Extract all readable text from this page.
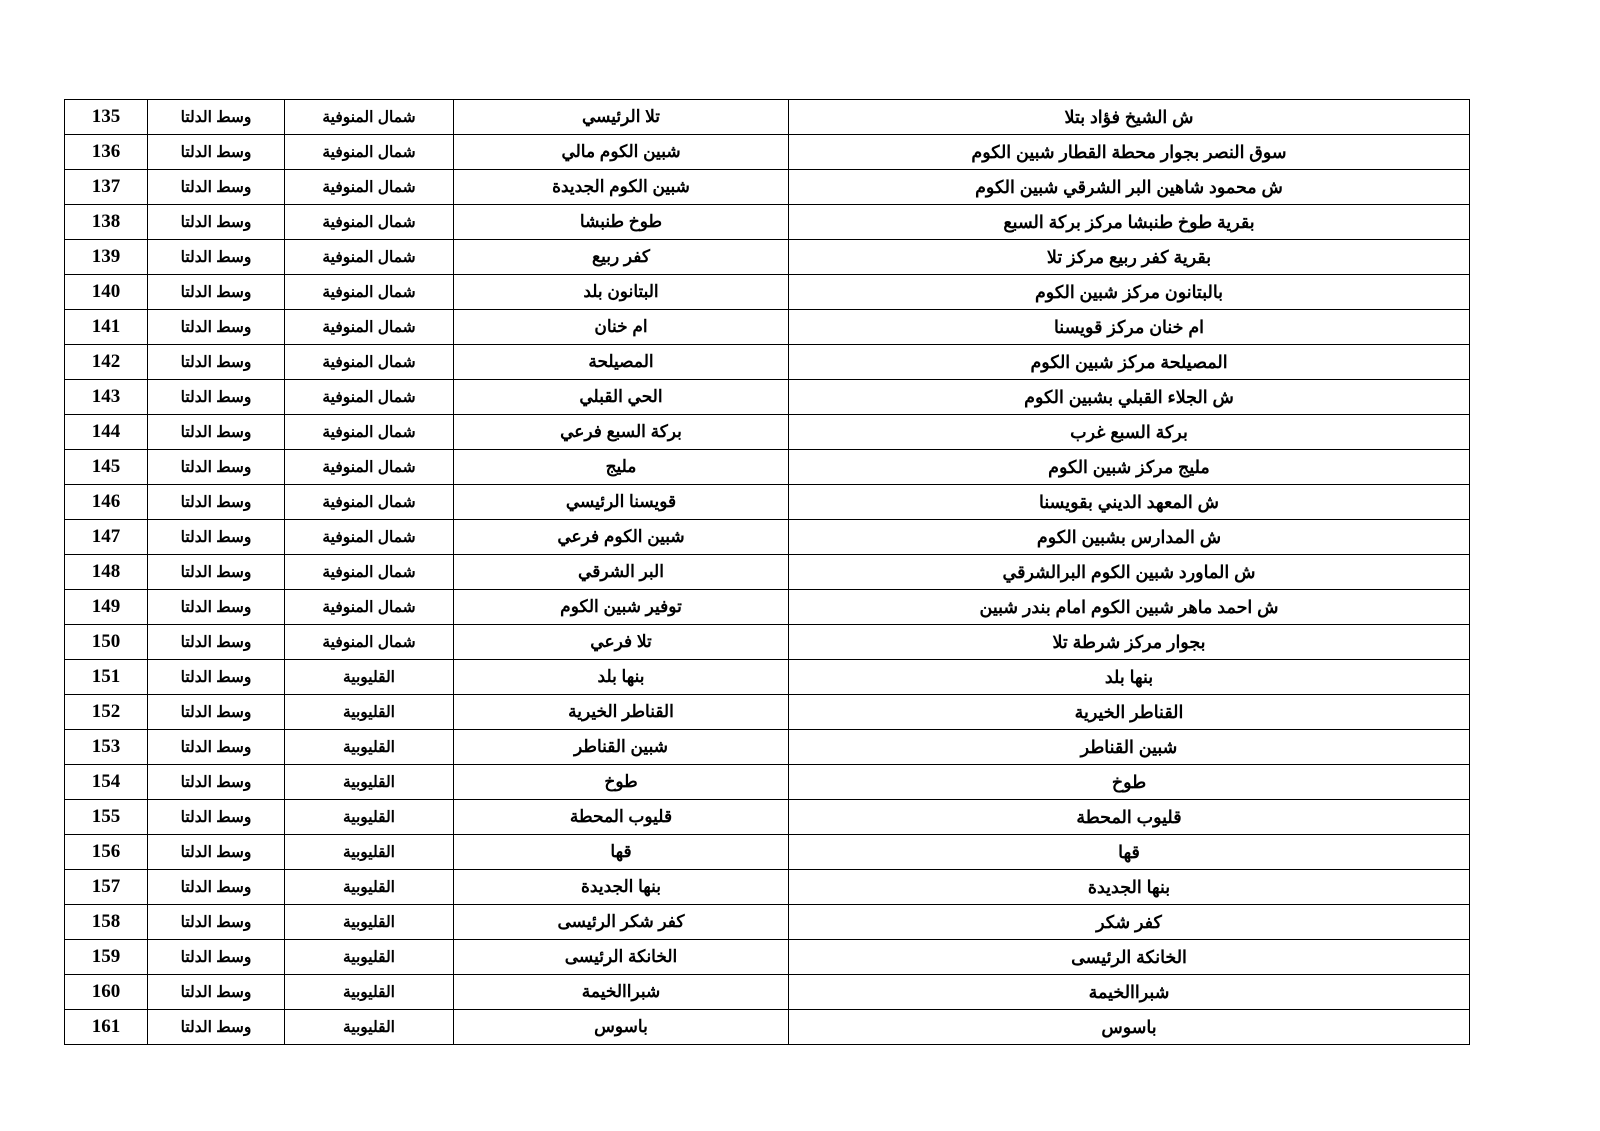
ش الشيخ فؤاد بتلا	تلا الرئيسي	شمال المنوفية	وسط الدلتا	135
سوق النصر بجوار محطة القطار شبين الكوم	شبين الكوم مالي	شمال المنوفية	وسط الدلتا	136
ش محمود شاهين البر الشرقي شبين الكوم	شبين الكوم الجديدة	شمال المنوفية	وسط الدلتا	137
بقرية طوخ طنبشا مركز بركة السبع	طوخ طنبشا	شمال المنوفية	وسط الدلتا	138
بقرية كفر ربيع مركز تلا	كفر ربيع	شمال المنوفية	وسط الدلتا	139
بالبتانون مركز شبين الكوم	البتانون بلد	شمال المنوفية	وسط الدلتا	140
ام خنان مركز قويسنا	ام خنان	شمال المنوفية	وسط الدلتا	141
المصيلحة مركز شبين الكوم	المصيلحة	شمال المنوفية	وسط الدلتا	142
ش الجلاء القبلي بشبين الكوم	الحي القبلي	شمال المنوفية	وسط الدلتا	143
بركة السبع غرب	بركة السبع فرعي	شمال المنوفية	وسط الدلتا	144
مليج مركز شبين الكوم	مليج	شمال المنوفية	وسط الدلتا	145
ش المعهد الديني بقويسنا	قويسنا الرئيسي	شمال المنوفية	وسط الدلتا	146
ش المدارس بشبين الكوم	شبين الكوم فرعي	شمال المنوفية	وسط الدلتا	147
ش الماورد شبين الكوم البرالشرقي	البر الشرقي	شمال المنوفية	وسط الدلتا	148
ش احمد ماهر شبين الكوم امام بندر شبين	توفير شبين الكوم	شمال المنوفية	وسط الدلتا	149
بجوار مركز شرطة تلا	تلا فرعي	شمال المنوفية	وسط الدلتا	150
بنها بلد	بنها بلد	القليوبية	وسط الدلتا	151
القناطر الخيرية	القناطر الخيرية	القليوبية	وسط الدلتا	152
شبين القناطر	شبين القناطر	القليوبية	وسط الدلتا	153
طوخ	طوخ	القليوبية	وسط الدلتا	154
قليوب المحطة	قليوب المحطة	القليوبية	وسط الدلتا	155
قها	قها	القليوبية	وسط الدلتا	156
بنها الجديدة	بنها الجديدة	القليوبية	وسط الدلتا	157
كفر شكر	كفر شكر الرئيسى	القليوبية	وسط الدلتا	158
الخانكة الرئيسى	الخانكة الرئيسى	القليوبية	وسط الدلتا	159
شبراالخيمة	شبراالخيمة	القليوبية	وسط الدلتا	160
باسوس	باسوس	القليوبية	وسط الدلتا	161
